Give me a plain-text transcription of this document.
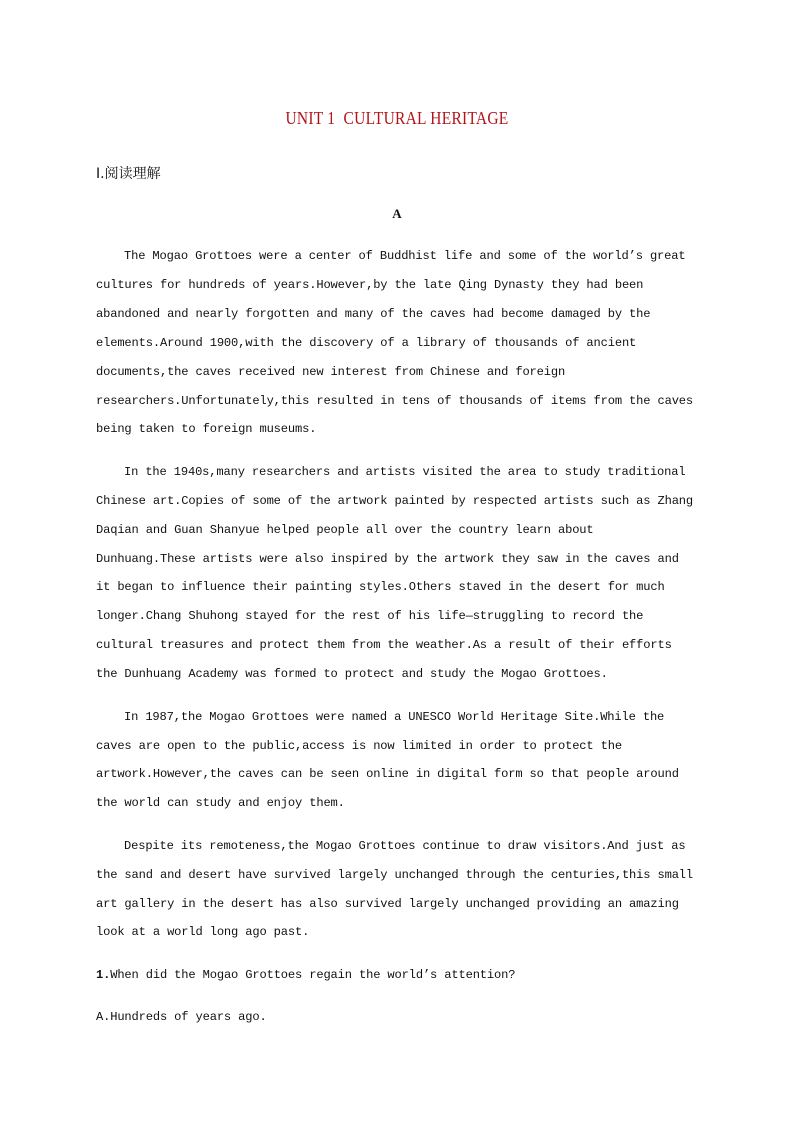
UNIT 1  CULTURAL HERITAGE
Ⅰ.阅读理解
A

The Mogao Grottoes were a center of Buddhist life and some of the world’s great cultures for hundreds of years.However,by the late Qing Dynasty they had been abandoned and nearly forgotten and many of the caves had become damaged by the elements.Around 1900,with the discovery of a library of thousands of ancient documents,the caves received new interest from Chinese and foreign researchers.Unfortunately,this resulted in tens of thousands of items from the caves being taken to foreign museums.

In the 1940s,many researchers and artists visited the area to study traditional Chinese art.Copies of some of the artwork painted by respected artists such as Zhang Daqian and Guan Shanyue helped people all over the country learn about Dunhuang.These artists were also inspired by the artwork they saw in the caves and it began to influence their painting styles.Others staved in the desert for much longer.Chang Shuhong stayed for the rest of his life—struggling to record the cultural treasures and protect them from the weather.As a result of their efforts the Dunhuang Academy was formed to protect and study the Mogao Grottoes.

In 1987,the Mogao Grottoes were named a UNESCO World Heritage Site.While the caves are open to the public,access is now limited in order to protect the artwork.However,the caves can be seen online in digital form so that people around the world can study and enjoy them.

Despite its remoteness,the Mogao Grottoes continue to draw visitors.And just as the sand and desert have survived largely unchanged through the centuries,this small art gallery in the desert has also survived largely unchanged providing an amazing look at a world long ago past.

1.When did the Mogao Grottoes regain the world’s attention?

A.Hundreds of years ago.
